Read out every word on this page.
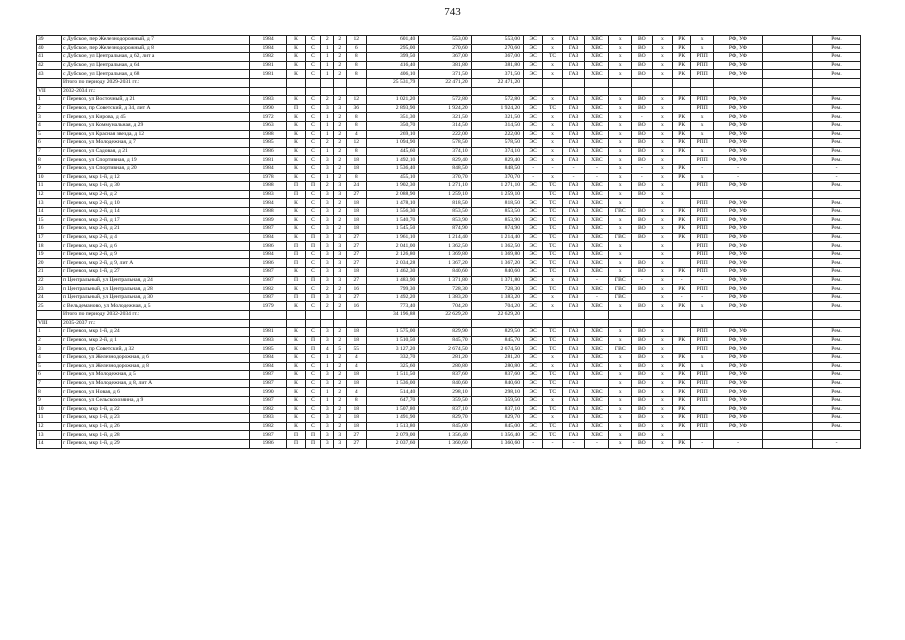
743
39	с Дубское, пер Железнодорожный, д 7	1984	К	С	2	2	12	601,40	553,00	553,00	ЭС	х	ГАЗ	ХВС	х	ВО	х	РК	х	РФ, УФ		Рем.
40	с Дубское, пер Железнодорожный, д 8	1984	К	С	1	2	6	295,00	270,60	270,60	ЭС	х	ГАЗ	ХВС	х	ВО	х	РК	х	РФ, УФ		Рем.
41	с Дубское, ул Центральная, д 62, лит а	1982	К	С	1	2	8	399,50	367,00	367,00	ЭС	ТС	ГАЗ	ХВС	х	ВО	х	РК	РПП	РФ, УФ		Рем.
42	с Дубское, ул Центральная, д 64	1981	К	С	1	2	8	416,40	381,80	381,80	ЭС	х	ГАЗ	ХВС	х	ВО	х	РК	РПП	РФ, УФ		Рем.
43	с Дубское, ул Центральная, д 68	1981	К	С	1	2	8	406,10	371,50	371,50	ЭС	х	ГАЗ	ХВС	х	ВО	х	РК	РПП	РФ, УФ		Рем.
	Итого по периоду 2029-2031 гг.:							25 531,79	22 471,20	22 471,20												
VII	2032-2034 гг.:																					
1	г Перевоз, ул Восточный, д 21	1983	К	С	2	2	12	1 021,20	572,80	572,80	ЭС	х	ГАЗ	ХВС	х	ВО	х	РК	РПП	РФ, УФ		Рем.
2	г Перевоз, пр Советский, д 34, лит А	1990	П	С	3	3	36	2 893,90	1 924,20	1 924,20	ЭС	ТС	ГАЗ	ХВС	х	ВО	х		РПП	РФ, УФ		Рем.
3	г Перевоз, ул Кирова, д 45	1972	К	С	1	2	8	351,30	321,50	321,50	ЭС	х	ГАЗ	ХВС	х	-	х	РК	х	РФ, УФ		Рем.
4	г Перевоз, ул Коммунальная, д 29	1963	К	С	1	2	8	350,70	314,50	314,50	ЭС	х	ГАЗ	ХВС	х	ВО	х	РК	х	РФ, УФ		Рем.
5	г Перевоз, ул Красная звезда, д 12	1988	К	С	1	2	4	269,10	222,00	222,00	ЭС	х	ГАЗ	ХВС	х	ВО	х	РК	х	РФ, УФ		Рем.
6	г Перевоз, ул Молодежная, д 7	1985	К	С	2	2	12	1 094,90	578,50	578,50	ЭС	х	ГАЗ	ХВС	х	ВО	х	РК	РПП	РФ, УФ		Рем.
7	г Перевоз, ул Садовая, д 21	1986	К	С	1	2	8	445,60	374,10	374,10	ЭС	х	ГАЗ	ХВС	х	ВО	х	РК	х	РФ, УФ		Рем.
8	г Перевоз, ул Спортивная, д 19	1981	К	С	3	2	18	1 492,10	829,40	829,40	ЭС	х	ГАЗ	ХВС	х	ВО	х		РПП	РФ, УФ		Рем.
9	г Перевоз, ул Спортивная, д 20	1984	К	С	3	2	18	1 536,40	848,50	848,50	-	-	-	-	х	-	х	РК	-	-		-
10	г Перевоз, мкр 1-й, д 12	1978	К	С	1	2	8	455,10	370,70	370,70	-	х	-	-	х	-	х	РК	х	-		-
11	г Перевоз, мкр 1-й, д 30	1988	П	П	2	3	24	1 902,30	1 271,10	1 271,10	ЭС	ТС	ГАЗ	ХВС	х	ВО	х		РПП	РФ, УФ		Рем.
12	г Перевоз, мкр 2-й, д 2	1983	П	С	3	3	27	2 088,90	1 259,10	1 259,10		ТС	ГАЗ	ХВС	х	ВО	х					
13	г Перевоз, мкр 2-й, д 10	1984	К	С	3	2	18	1 478,10	818,50	818,50	ЭС	ТС	ГАЗ	ХВС	х		х		РПП	РФ, УФ		Рем.
14	г Перевоз, мкр 2-й, д 14	1988	К	С	3	2	18	1 556,30	853,50	853,50	ЭС	ТС	ГАЗ	ХВС	ГВС	ВО	х	РК	РПП	РФ, УФ		Рем.
15	г Перевоз, мкр 2-й, д 17	1989	К	С	3	2	18	1 540,70	853,90	853,90	ЭС	ТС	ГАЗ	ХВС	х	ВО	х	РК	РПП	РФ, УФ		Рем.
16	г Перевоз, мкр 2-й, д 21	1987	К	С	3	2	18	1 545,50	874,90	874,90	ЭС	ТС	ГАЗ	ХВС	х	ВО	х	РК	РПП	РФ, УФ		Рем.
17	г Перевоз, мкр 2-й, д 4	1984	К	П	3	3	27	1 961,10	1 214,40	1 214,40	ЭС	ТС	ГАЗ	ХВС	ГВС	ВО	х	РК	РПП	РФ, УФ		Рем.
18	г Перевоз, мкр 2-й, д 6	1986	П	П	3	3	27	2 041,00	1 362,50	1 362,50	ЭС	ТС	ГАЗ	ХВС	х		х		РПП	РФ, УФ		Рем.
19	г Перевоз, мкр 2-й, д 9	1984	П	С	3	3	27	2 126,80	1 369,80	1 369,80	ЭС	ТС	ГАЗ	ХВС	х		х		РПП	РФ, УФ		Рем.
20	г Перевоз, мкр 2-й, д 9, лит А	1986	П	С	3	3	27	2 034,28	1 367,20	1 367,20	ЭС	ТС	ГАЗ	ХВС	х	ВО	х		РПП	РФ, УФ		Рем.
21	г Перевоз, мкр 1-й, д 27	1987	К	С	3	3	18	1 462,30	840,60	840,60	ЭС	ТС	ГАЗ	ХВС	х	ВО	х	РК	РПП	РФ, УФ		Рем.
22	п Центральный, ул Центральная, д 24	1987	П	П	3	3	27	1 483,90	1 371,80	1 371,80	ЭС	х	ГАЗ	-	ГВС	-	х	-	-	РФ, УФ		Рем.
23	п Центральный, ул Центральная, д 28	1982	К	С	2	2	16	799,30	728,30	728,30	ЭС	ТС	ГАЗ	ХВС	ГВС	ВО	х	РК	РПП	РФ, УФ		Рем.
24	п Центральный, ул Центральная, д 30	1987	П	П	3	3	27	1 492,20	1 383,20	1 383,20	ЭС	х	ГАЗ	-	ГВС		х	-	-	РФ, УФ		Рем.
25	с Вельдеманово, ул Молодежная, д 5	1979	К	С	2	2	16	773,40	704,20	704,20	ЭС	х	ГАЗ	ХВС	х	ВО	х	РК	х	РФ, УФ		Рем.
	Итого по периоду 2032-2034 гг.:							34 196,88	22 629,20	22 629,20												
VIII	2035-2037 гг.:																					
1	г Перевоз, мкр 1-й, д 24	1981	К	С	3	2	18	1 575,00	829,90	829,50	ЭС	ТС	ГАЗ	ХВС	х	ВО	х		РПП	РФ, УФ		Рем.
2	г Перевоз, мкр 2-й, д 1	1983	К	П	3	2	18	1 510,50	845,70	845,70	ЭС	ТС	ГАЗ	ХВС	х	ВО	х	РК	РПП	РФ, УФ		Рем.
3	г Перевоз, пр Советский, д 32	1985	К	П	4	5	55	3 127,20	2 674,50	2 674,50	ЭС	ТС	ГАЗ	ХВС	ГВС	ВО	х		РПП	РФ, УФ		Рем.
4	г Перевоз, ул Железнодорожная, д 6	1984	К	С	1	2	4	332,70	281,20	281,20	ЭС	х	ГАЗ	ХВС	х	ВО	х	РК	х	РФ, УФ		Рем.
5	г Перевоз, ул Железнодорожная, д 8	1984	К	С	1	2	4	325,60	280,80	280,80	ЭС	х	ГАЗ	ХВС	х	ВО	х	РК	х	РФ, УФ		Рем.
6	г Перевоз, ул Молодежная, д 5	1987	К	С	3	2	18	1 511,50	837,60	837,60	ЭС	ТС	ГАЗ	ХВС	х	ВО	х	РК	РПП	РФ, УФ		Рем.
7	г Перевоз, ул Молодежная, д 8, лит А	1987	К	С	3	2	18	1 536,00	840,60	840,60	ЭС	ТС	ГАЗ		х	ВО	х	РК	РПП	РФ, УФ		Рем.
8	г Перевоз, ул Новая, д 6	1990	К	С	1	2	4	514,40	298,10	298,10	ЭС	ТС	ГАЗ	ХВС	х	ВО	х	РК	РПП	РФ, УФ		Рем.
9	г Перевоз, ул Сельскохозяина, д 9	1987	К	С	1	2	8	647,70	359,50	359,50	ЭС	х	ГАЗ	ХВС	х	ВО	х	РК	РПП	РФ, УФ		Рем.
10	г Перевоз, мкр 1-й, д 22	1982	К	С	3	2	18	1 507,80	837,10	837,10	ЭС	ТС	ГАЗ	ХВС	х	ВО	х	РК		РФ, УФ		Рем.
11	г Перевоз, мкр 1-й, д 23	1983	К	С	3	2	18	1 491,90	829,70	829,70	ЭС	х	ГАЗ	ХВС	х	ВО	х	РК	РПП	РФ, УФ		Рем.
12	г Перевоз, мкр 1-й, д 26	1982	К	С	3	2	18	1 513,80	845,00	845,00	ЭС	ТС	ГАЗ	ХВС	х	ВО	х	РК	РПП	РФ, УФ		Рем.
13	г Перевоз, мкр 1-й, д 28	1987	П	П	3	3	27	2 079,00	1 356,40	1 356,40	ЭС	ТС	ГАЗ	ХВС	х	ВО	х					
14	г Перевоз, мкр 1-й, д 29	1986	П	П	3	3	27	2 037,60	1 360,60	1 360,60	-	-	-	-	х	ВО	х	РК	-	-		-
